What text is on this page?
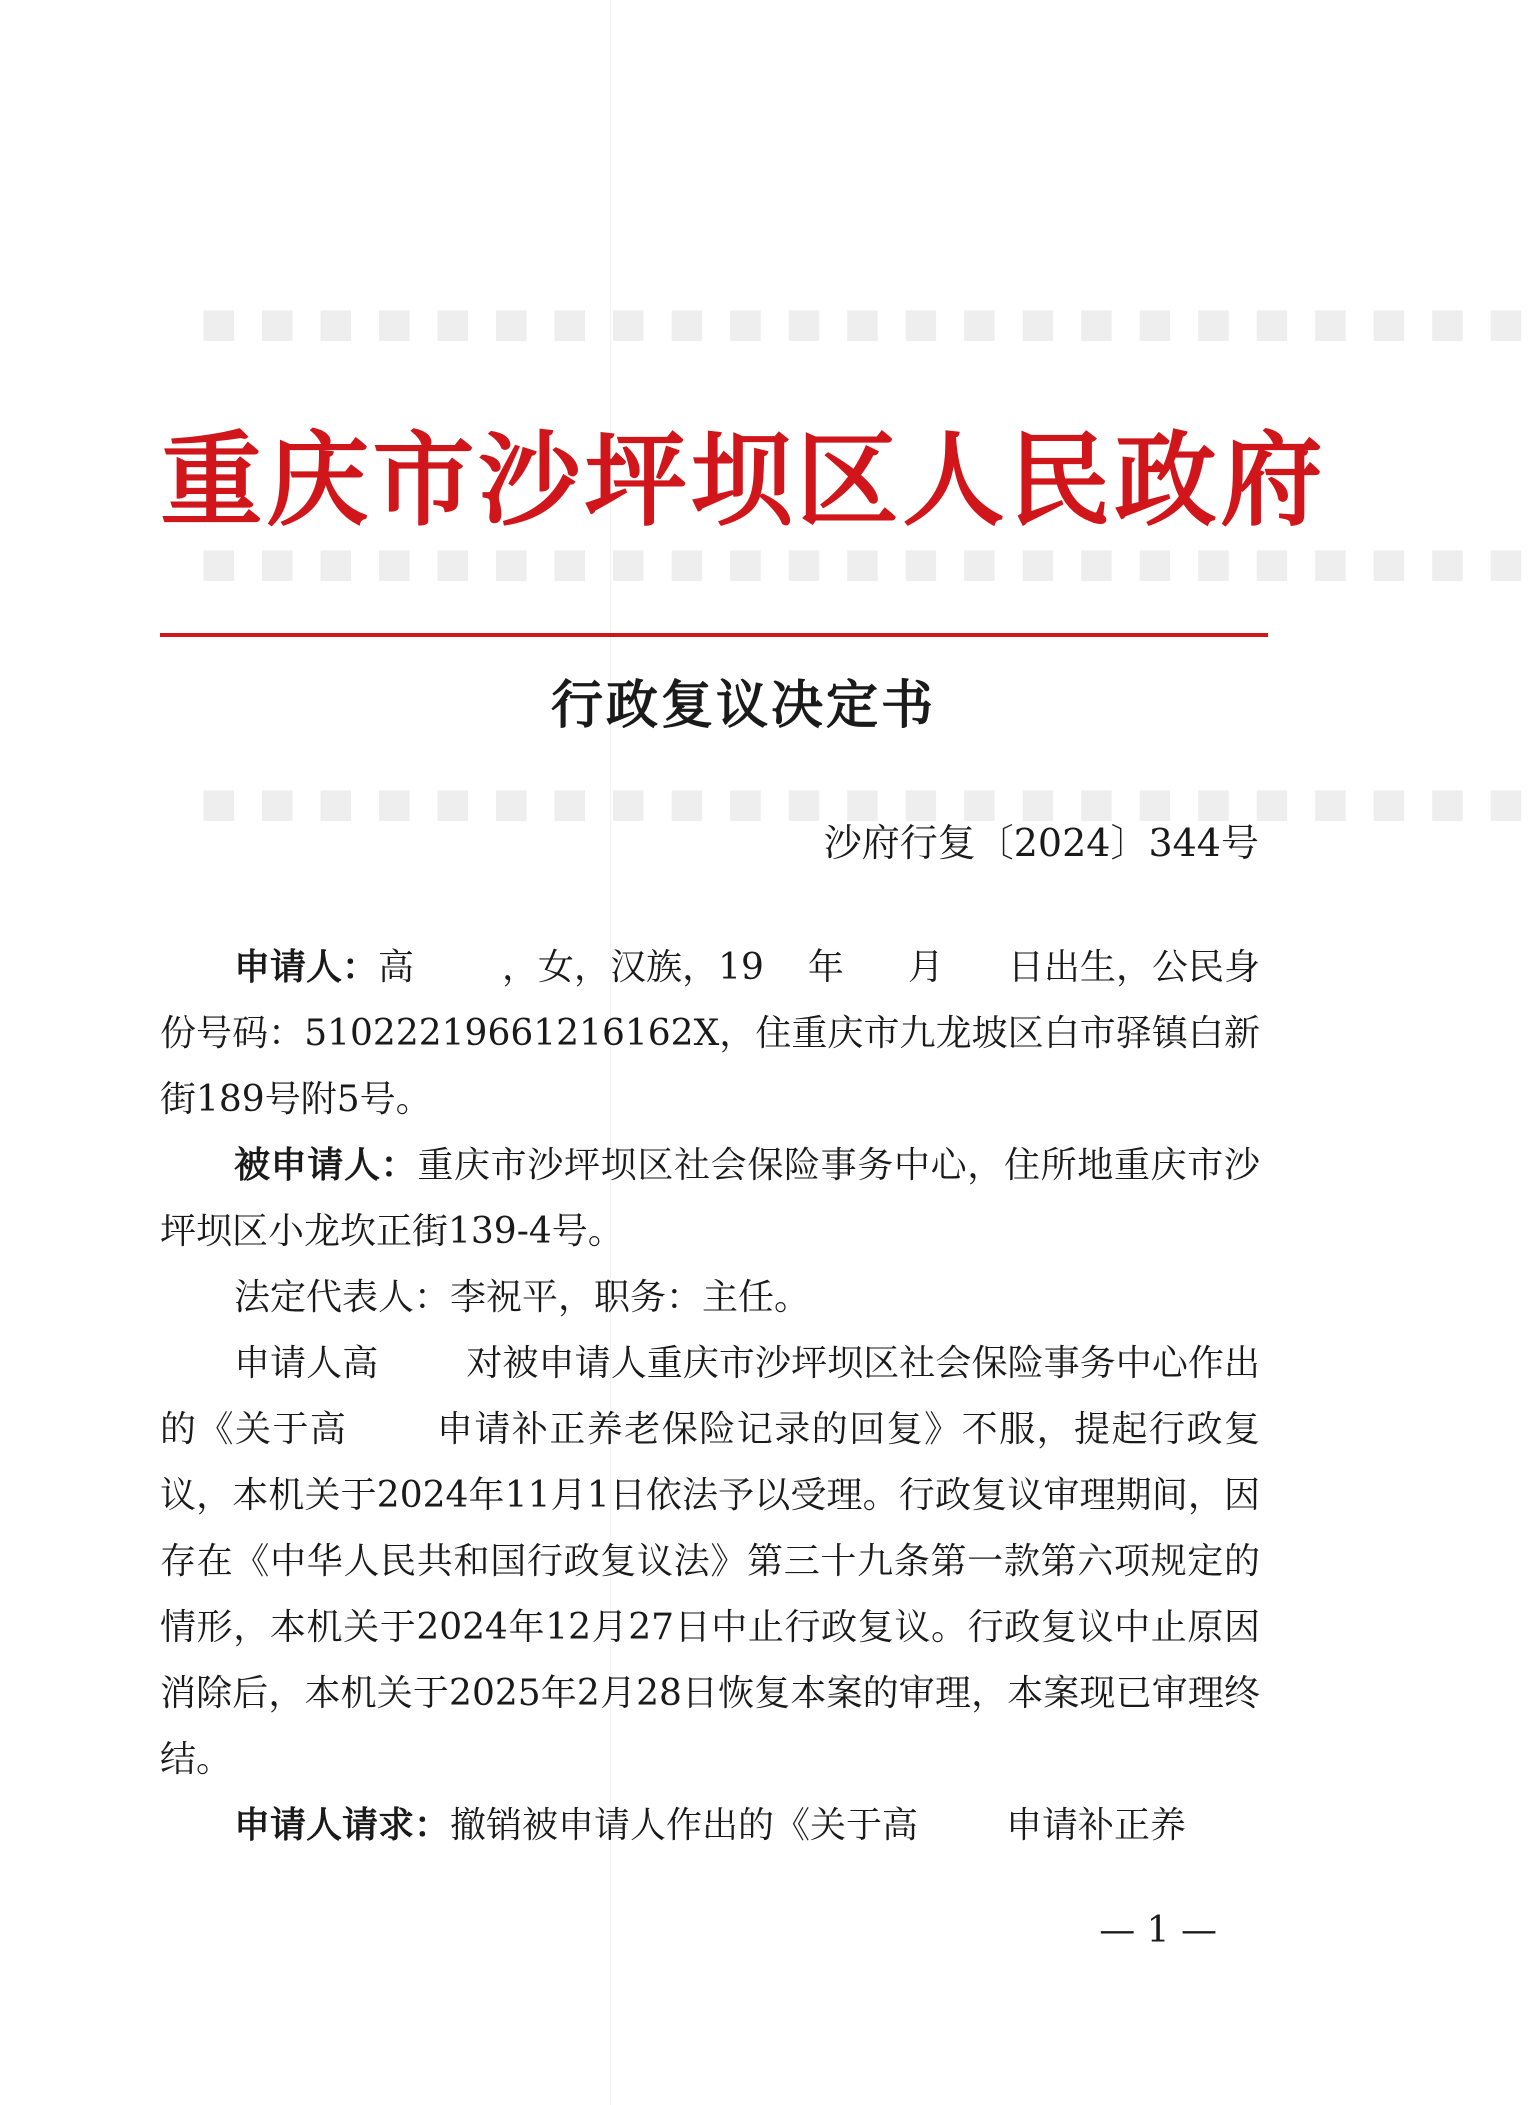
■ ■ ■ ■ ■ ■ ■ ■ ■ ■ ■ ■ ■ ■ ■ ■ ■ ■ ■ ■ ■ ■ ■
■ ■ ■ ■ ■ ■ ■ ■ ■ ■ ■ ■ ■ ■ ■ ■ ■ ■ ■ ■ ■ ■ ■
■ ■ ■ ■ ■ ■ ■ ■ ■ ■ ■ ■ ■ ■ ■ ■ ■ ■ ■ ■ ■ ■ ■
重庆市沙坪坝区人民政府
行政复议决定书
沙府行复〔2024〕344号

申请人：高 ，女，汉族，19 年 月 日出生，公民身份号码：51022219661216162X，住重庆市九龙坡区白市驿镇白新街189号附5号。

被申请人：重庆市沙坪坝区社会保险事务中心，住所地重庆市沙坪坝区小龙坎正街139-4号。

法定代表人：李祝平，职务：主任。

申请人高 对被申请人重庆市沙坪坝区社会保险事务中心作出的《关于高 申请补正养老保险记录的回复》不服，提起行政复议，本机关于2024年11月1日依法予以受理。行政复议审理期间，因存在《中华人民共和国行政复议法》第三十九条第一款第六项规定的情形，本机关于2024年12月27日中止行政复议。行政复议中止原因消除后，本机关于2025年2月28日恢复本案的审理，本案现已审理终结。

申请人请求：撤销被申请人作出的《关于高 申请补正养

— 1 —
